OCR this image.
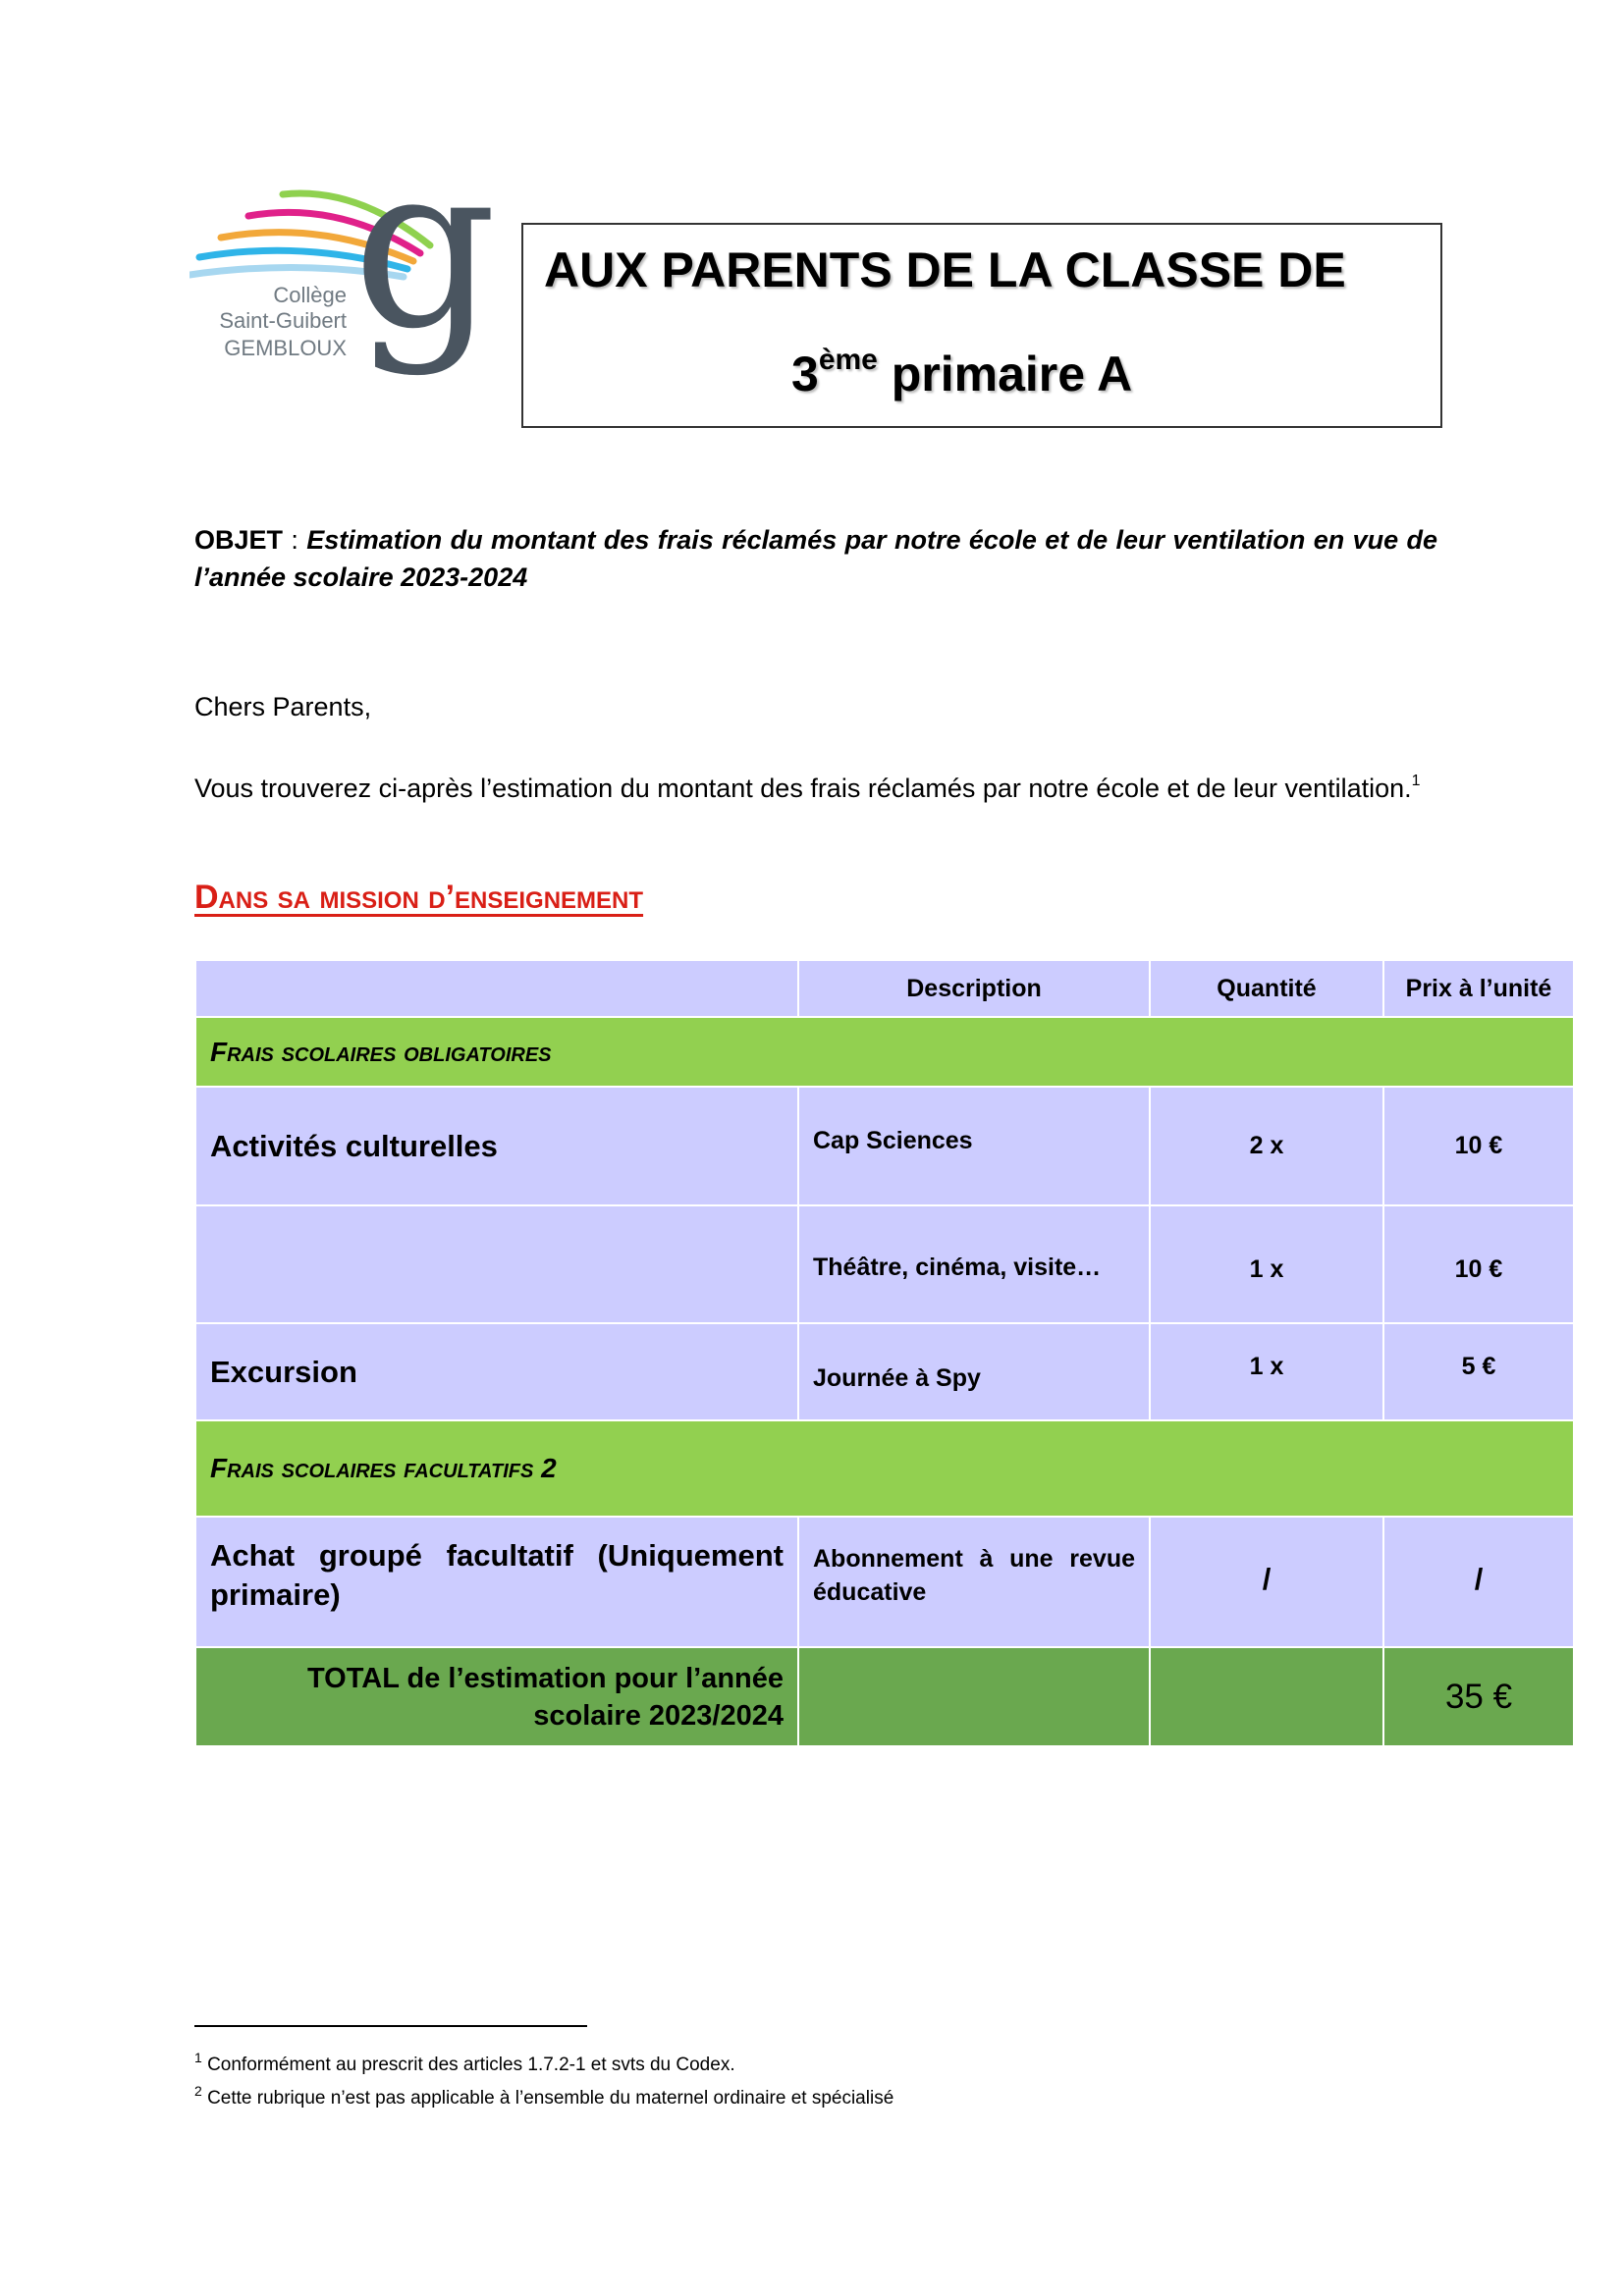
g
Collège
Saint-Guibert
GEMBLOUX
AUX PARENTS DE LA CLASSE DE
3ème primaire A
OBJET : Estimation du montant des frais réclamés par notre école et de leur ventilation en vue de l’année scolaire 2023-2024
Chers Parents,
Vous trouverez ci-après l’estimation du montant des frais réclamés par notre école et de leur ventilation.$^1$
Dans sa mission d’enseignement
	Description	Quantité	Prix à l’unité
Frais scolaires obligatoires			
Activités culturelles	Cap Sciences	2 x	10 €
	Théâtre, cinéma, visite…	1 x	10 €
Excursion	Journée à Spy	1 x	5 €
Frais scolaires facultatifs 2			
Achat groupé facultatif (Uniquement primaire)	Abonnement à une revue éducative	/	/
TOTAL de l’estimation pour l’année scolaire 2023/2024			35 €
$^1$ Conformément au prescrit des articles 1.7.2-1 et svts du Codex.
$^2$ Cette rubrique n’est pas applicable à l’ensemble du maternel ordinaire et spécialisé
